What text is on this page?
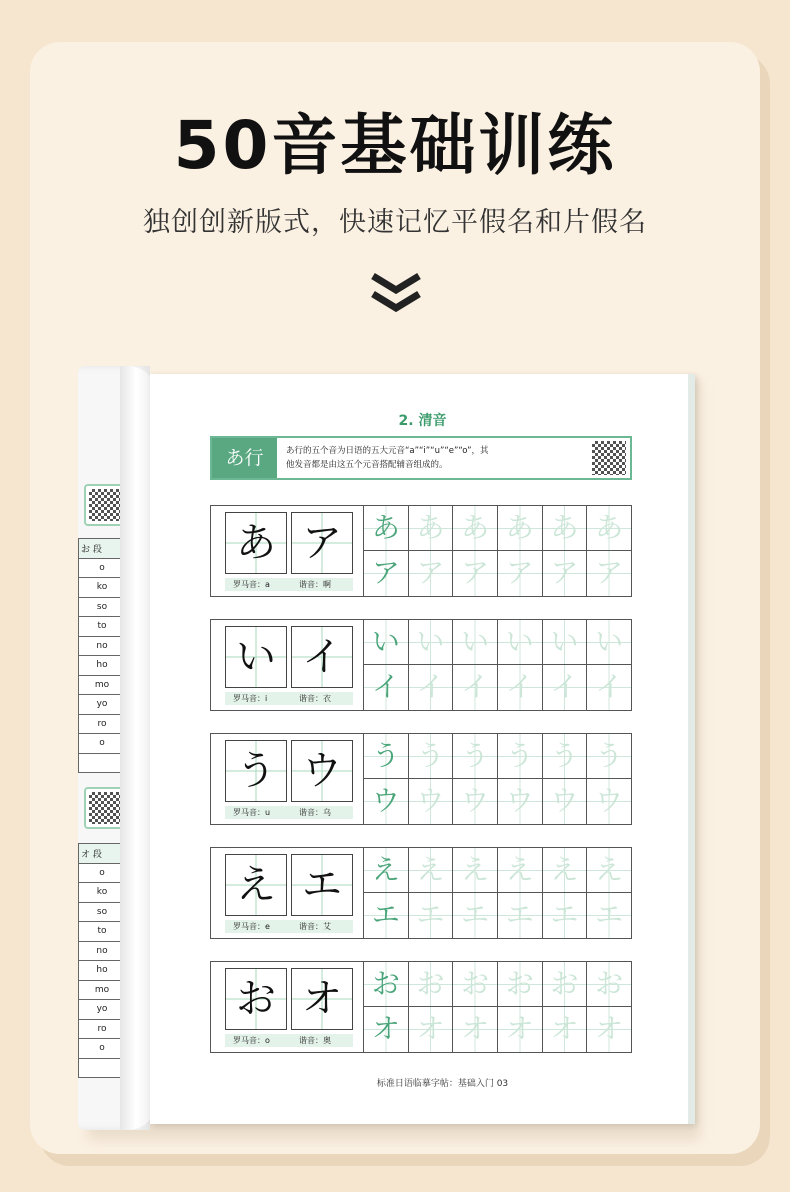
50音基础训练
独创创新版式，快速记忆平假名和片假名
お 段
o
ko
so
to
no
ho
mo
yo
ro
o

オ 段
o
ko
so
to
no
ho
mo
yo
ro
o

2. 清音
あ行	あ行的五个音为日语的五大元音“a”“i”“u”“e”“o”，其
他发音都是由这五个元音搭配辅音组成的。
あ ア
罗马音：a	谐音：啊
あ あ あ あ あ あ
ア ア ア ア ア ア
い イ
罗马音：i	谐音：衣
い い い い い い
イ イ イ イ イ イ
う ウ
罗马音：u	谐音：乌
う う う う う う
ウ ウ ウ ウ ウ ウ
え エ
罗马音：e	谐音：艾
え え え え え え
エ エ エ エ エ エ
お オ
罗马音：o	谐音：奥
お お お お お お
オ オ オ オ オ オ
标准日语临摹字帖：基础入门 03
